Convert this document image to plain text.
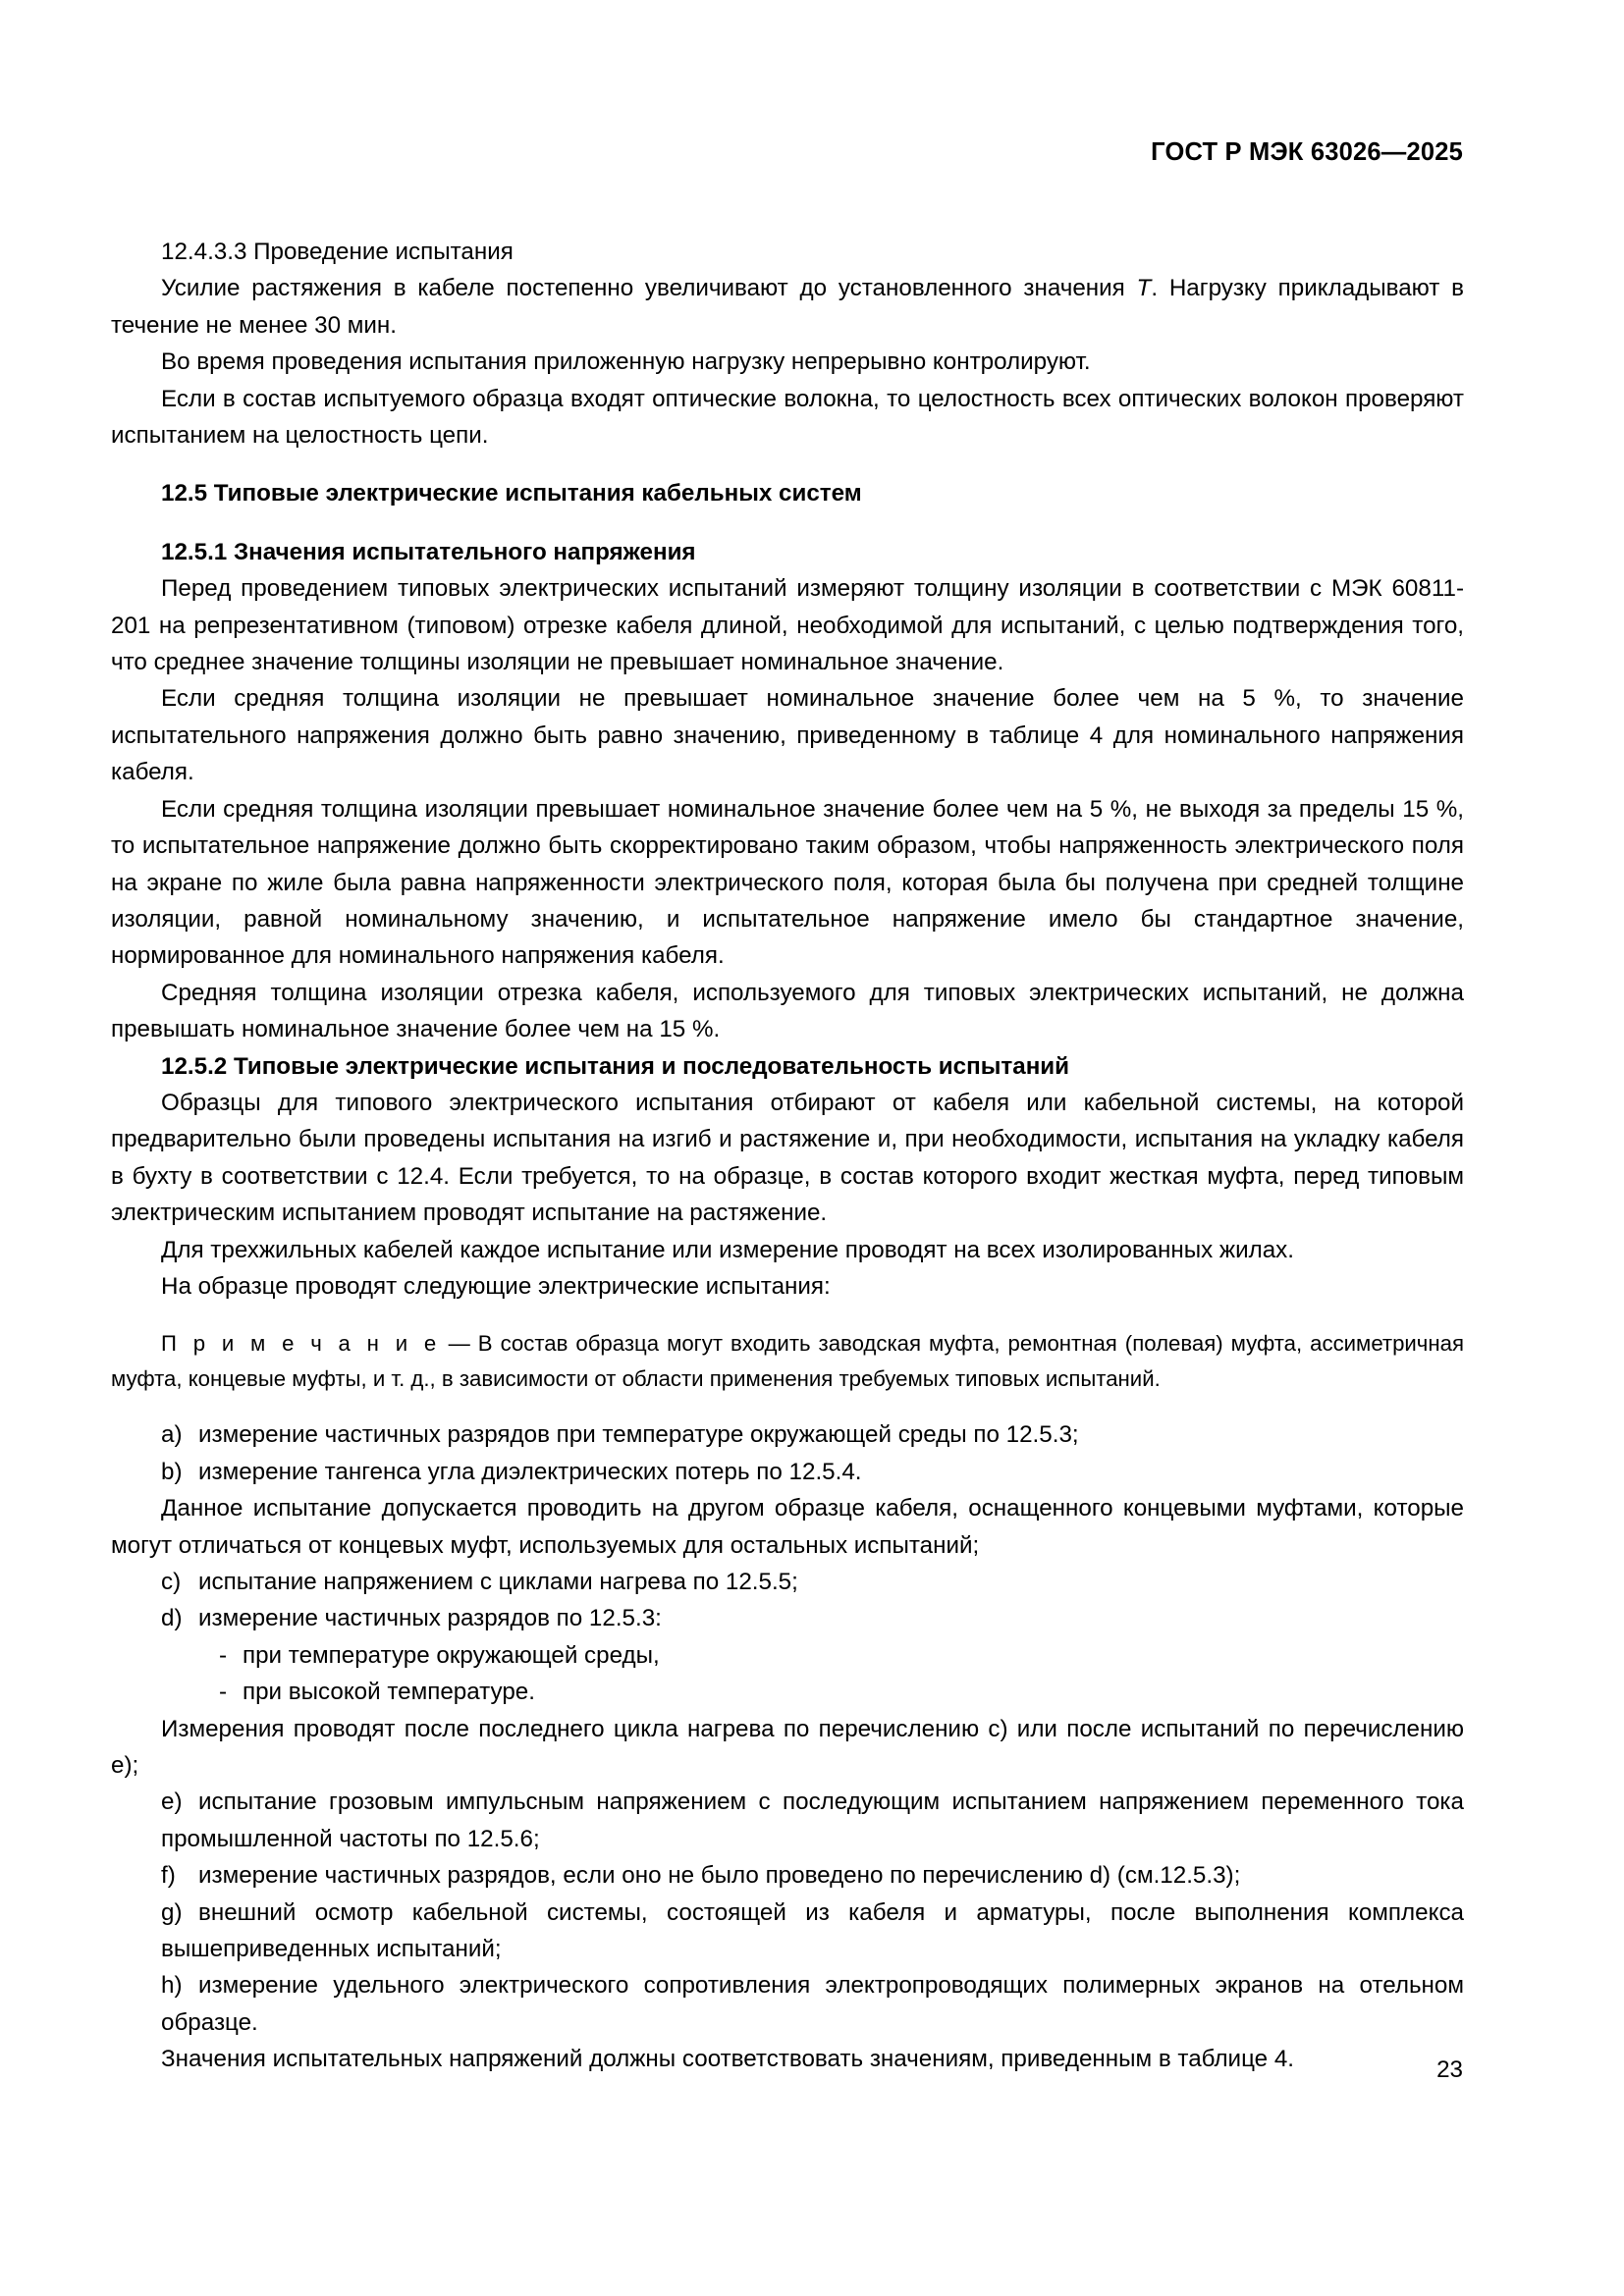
ГОСТ Р МЭК 63026—2025

12.4.3.3 Проведение испытания

Усилие растяжения в кабеле постепенно увеличивают до установленного значения T. Нагрузку прикладывают в течение не менее 30 мин.

Во время проведения испытания приложенную нагрузку непрерывно контролируют.

Если в состав испытуемого образца входят оптические волокна, то целостность всех оптических волокон проверяют испытанием на целостность цепи.

12.5 Типовые электрические испытания кабельных систем
12.5.1 Значения испытательного напряжения

Перед проведением типовых электрических испытаний измеряют толщину изоляции в соответствии с МЭК 60811-201 на репрезентативном (типовом) отрезке кабеля длиной, необходимой для испытаний, с целью подтверждения того, что среднее значение толщины изоляции не превышает номинальное значение.

Если средняя толщина изоляции не превышает номинальное значение более чем на 5 %, то значение испытательного напряжения должно быть равно значению, приведенному в таблице 4 для номинального напряжения кабеля.

Если средняя толщина изоляции превышает номинальное значение более чем на 5 %, не выходя за пределы 15 %, то испытательное напряжение должно быть скорректировано таким образом, чтобы напряженность электрического поля на экране по жиле была равна напряженности электрического поля, которая была бы получена при средней толщине изоляции, равной номинальному значению, и испытательное напряжение имело бы стандартное значение, нормированное для номинального напряжения кабеля.

Средняя толщина изоляции отрезка кабеля, используемого для типовых электрических испытаний, не должна превышать номинальное значение более чем на 15 %.

12.5.2 Типовые электрические испытания и последовательность испытаний

Образцы для типового электрического испытания отбирают от кабеля или кабельной системы, на которой предварительно были проведены испытания на изгиб и растяжение и, при необходимости, испытания на укладку кабеля в бухту в соответствии с 12.4. Если требуется, то на образце, в состав которого входит жесткая муфта, перед типовым электрическим испытанием проводят испытание на растяжение.

Для трехжильных кабелей каждое испытание или измерение проводят на всех изолированных жилах.

На образце проводят следующие электрические испытания:

П р и м е ч а н и е — В состав образца могут входить заводская муфта, ремонтная (полевая) муфта, ассиметричная муфта, концевые муфты, и т. д., в зависимости от области применения требуемых типовых испытаний.

a) измерение частичных разрядов при температуре окружающей среды по 12.5.3;

b) измерение тангенса угла диэлектрических потерь по 12.5.4.

Данное испытание допускается проводить на другом образце кабеля, оснащенного концевыми муфтами, которые могут отличаться от концевых муфт, используемых для остальных испытаний;

c) испытание напряжением с циклами нагрева по 12.5.5;

d) измерение частичных разрядов по 12.5.3:

- при температуре окружающей среды,

- при высокой температуре.

Измерения проводят после последнего цикла нагрева по перечислению c) или после испытаний по перечислению e);

e) испытание грозовым импульсным напряжением с последующим испытанием напряжением переменного тока промышленной частоты по 12.5.6;

f) измерение частичных разрядов, если оно не было проведено по перечислению d) (см.12.5.3);

g) внешний осмотр кабельной системы, состоящей из кабеля и арматуры, после выполнения комплекса вышеприведенных испытаний;

h) измерение удельного электрического сопротивления электропроводящих полимерных экранов на отельном образце.

Значения испытательных напряжений должны соответствовать значениям, приведенным в таблице 4.	23
